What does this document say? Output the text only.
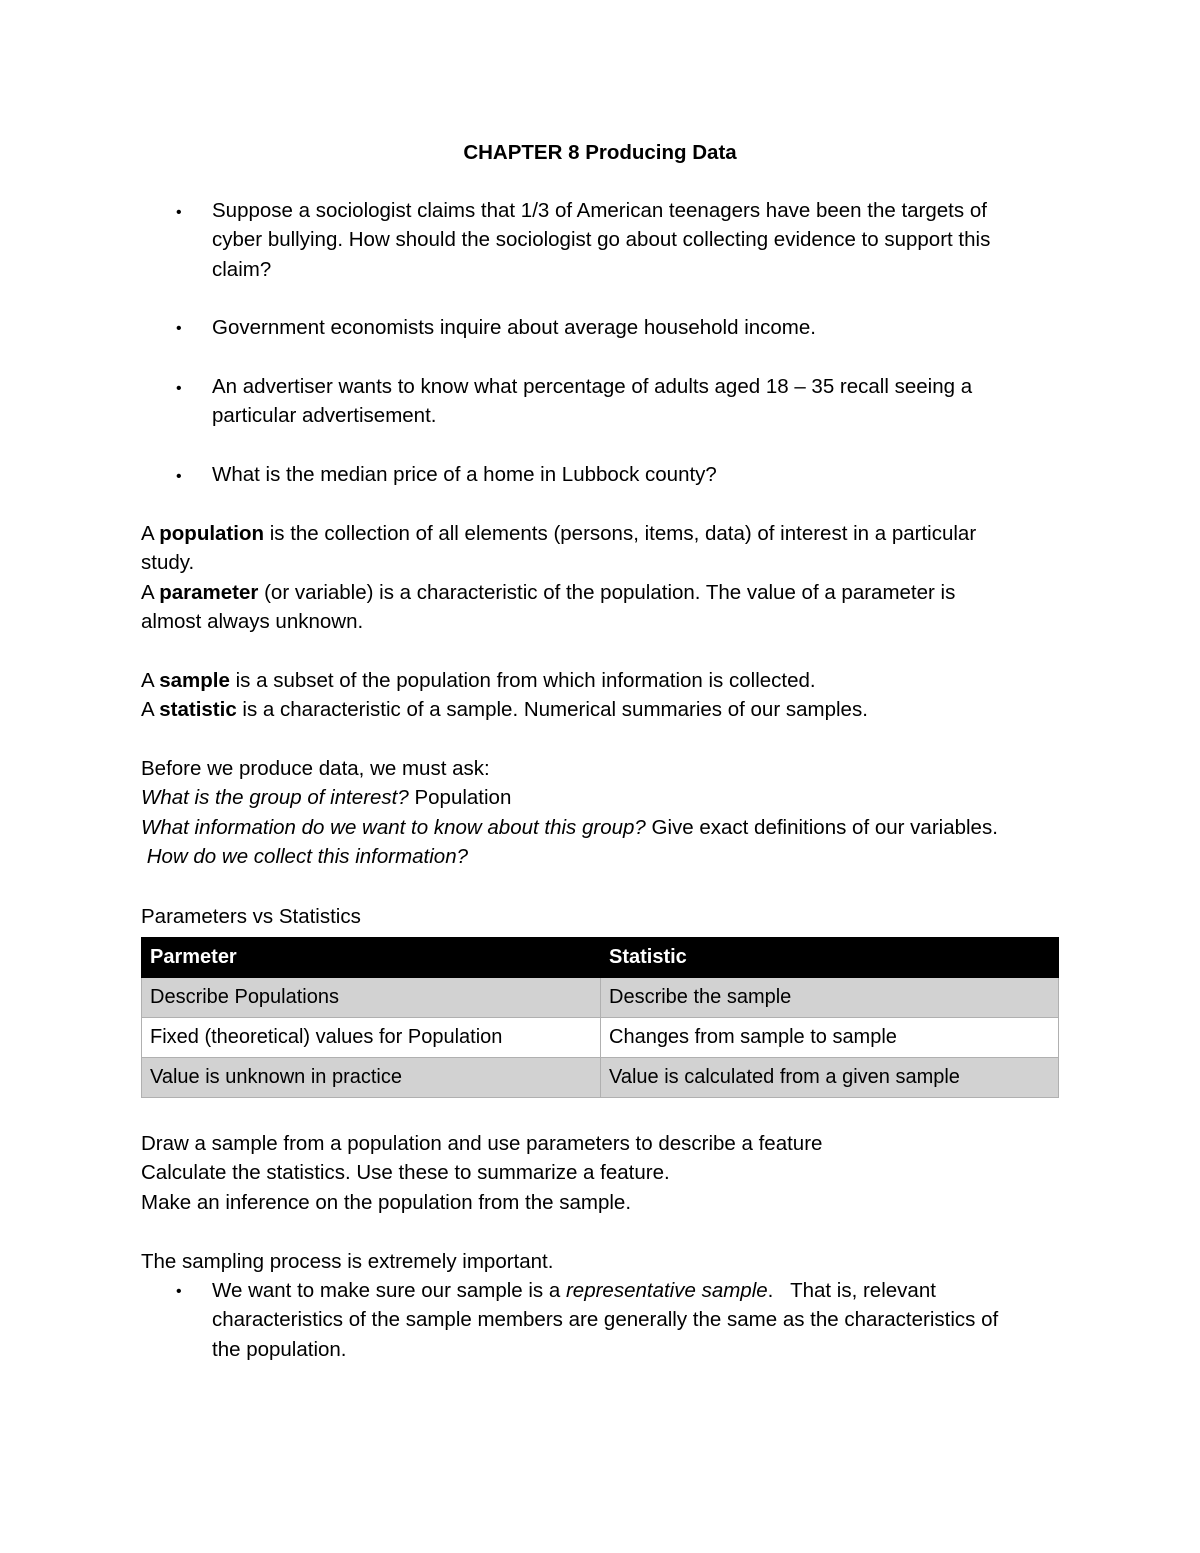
CHAPTER 8 Producing Data
• Suppose a sociologist claims that 1/3 of American teenagers have been the targets of
cyber bullying. How should the sociologist go about collecting evidence to support this
claim?
• Government economists inquire about average household income.
• An advertiser wants to know what percentage of adults aged 18 – 35 recall seeing a
particular advertisement.
• What is the median price of a home in Lubbock county?
A population is the collection of all elements (persons, items, data) of interest in a particular
study.
A parameter (or variable) is a characteristic of the population. The value of a parameter is
almost always unknown.
A sample is a subset of the population from which information is collected.
A statistic is a characteristic of a sample. Numerical summaries of our samples.
Before we produce data, we must ask:
What is the group of interest? Population
What information do we want to know about this group? Give exact definitions of our variables.
How do we collect this information?
Parameters vs Statistics
Parmeter	Statistic
Describe Populations	Describe the sample
Fixed (theoretical) values for Population	Changes from sample to sample
Value is unknown in practice	Value is calculated from a given sample
Draw a sample from a population and use parameters to describe a feature
Calculate the statistics. Use these to summarize a feature.
Make an inference on the population from the sample.
The sampling process is extremely important.
• We want to make sure our sample is a representative sample.   That is, relevant
characteristics of the sample members are generally the same as the characteristics of
the population.
